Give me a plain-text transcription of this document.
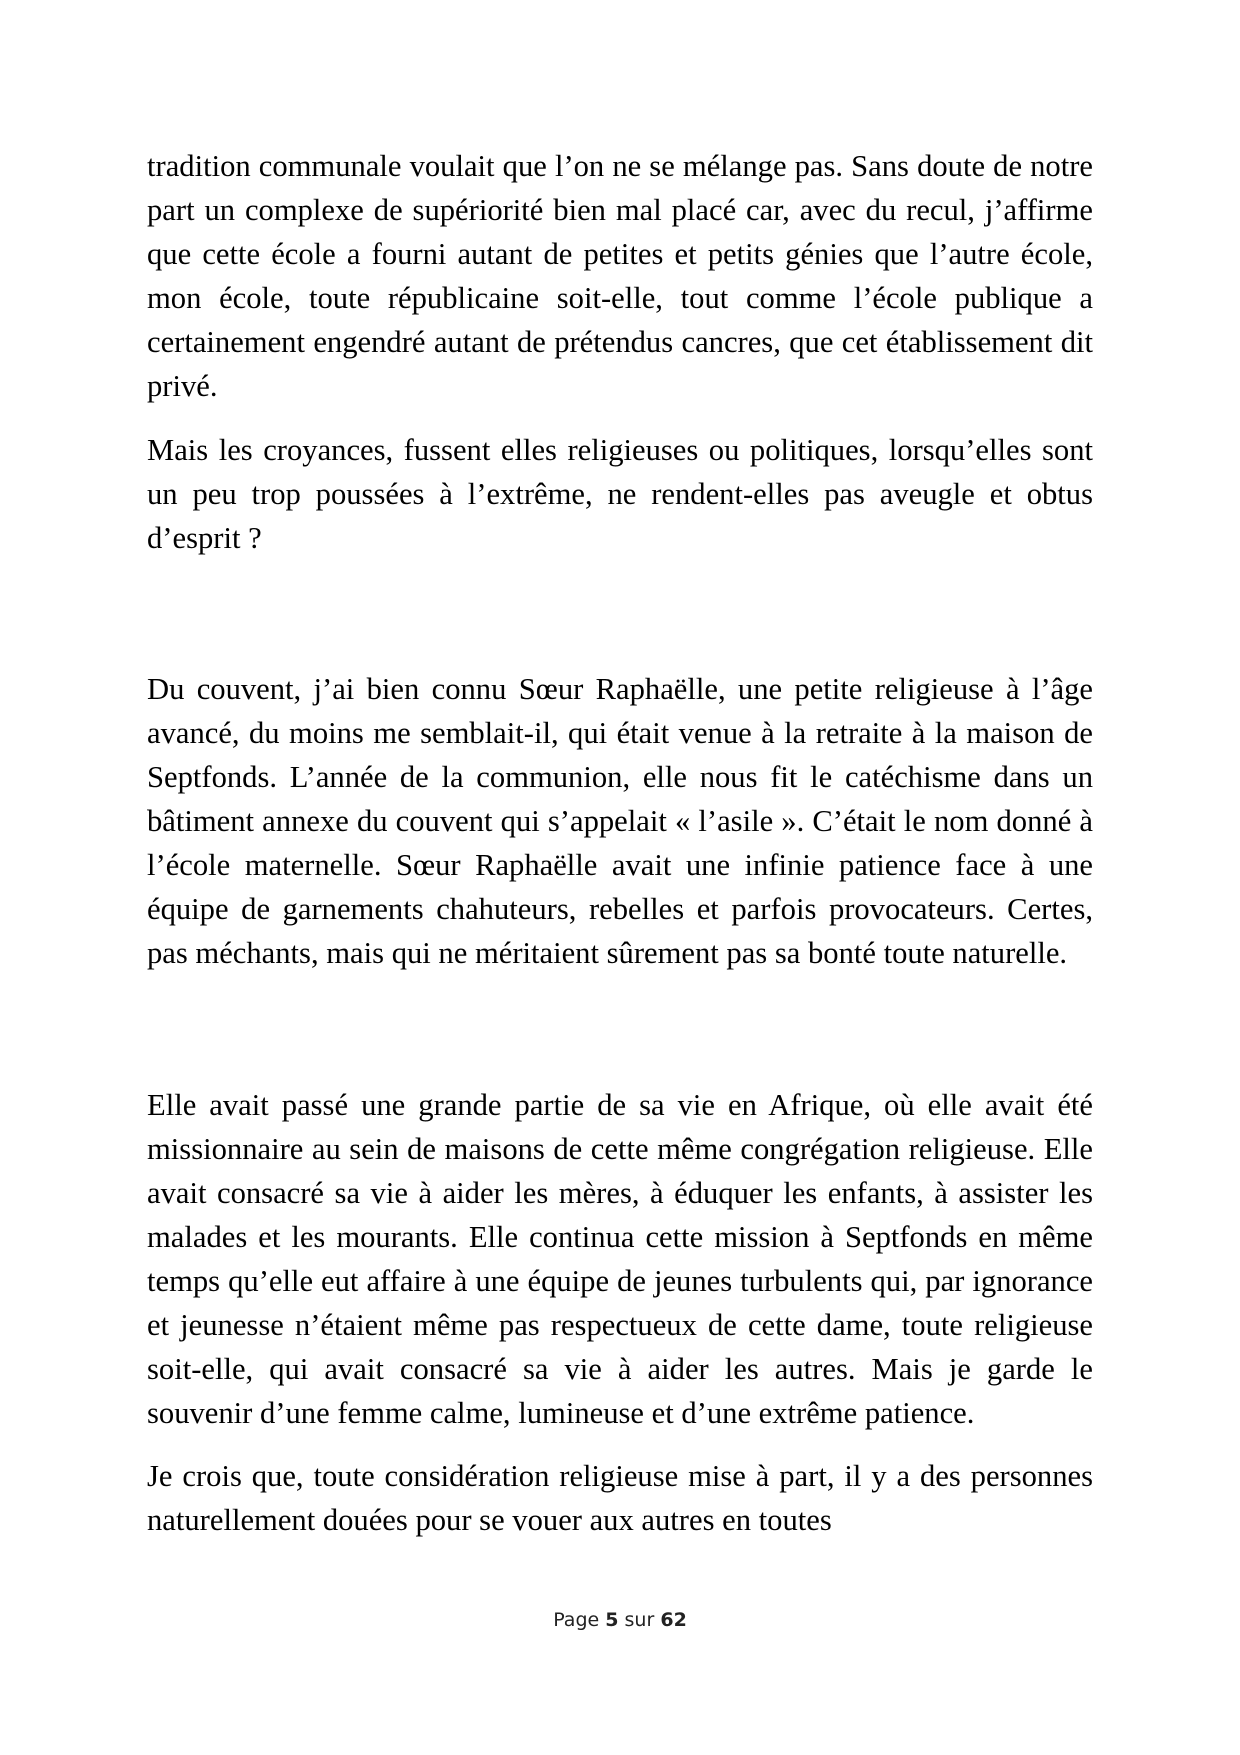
tradition communale voulait que l’on ne se mélange pas. Sans doute de notre part un complexe de supériorité bien mal placé car, avec du recul, j’affirme que cette école a fourni autant de petites et petits génies que l’autre école, mon école, toute républicaine soit-elle, tout comme l’école publique a certainement engendré autant de prétendus cancres, que cet établissement dit privé.

Mais les croyances, fussent elles religieuses ou politiques, lorsqu’elles sont un peu trop poussées à l’extrême, ne rendent-elles pas aveugle et obtus d’esprit ?

Du couvent, j’ai bien connu Sœur Raphaëlle, une petite religieuse à l’âge avancé, du moins me semblait-il, qui était venue à la retraite à la maison de Septfonds. L’année de la communion, elle nous fit le catéchisme dans un bâtiment annexe du couvent qui s’appelait « l’asile ». C’était le nom donné à l’école maternelle. Sœur Raphaëlle avait une infinie patience face à une équipe de garnements chahuteurs, rebelles et parfois provocateurs. Certes, pas méchants, mais qui ne méritaient sûrement pas sa bonté toute naturelle.

Elle avait passé une grande partie de sa vie en Afrique, où elle avait été missionnaire au sein de maisons de cette même congrégation religieuse. Elle avait consacré sa vie à aider les mères, à éduquer les enfants, à assister les malades et les mourants. Elle continua cette mission à Septfonds en même temps qu’elle eut affaire à une équipe de jeunes turbulents qui, par ignorance et jeunesse n’étaient même pas respectueux de cette dame, toute religieuse soit-elle, qui avait consacré sa vie à aider les autres. Mais je garde le souvenir d’une femme calme, lumineuse et d’une extrême patience.

Je crois que, toute considération religieuse mise à part, il y a des personnes naturellement douées pour se vouer aux autres en toutes

Page 5 sur 62
